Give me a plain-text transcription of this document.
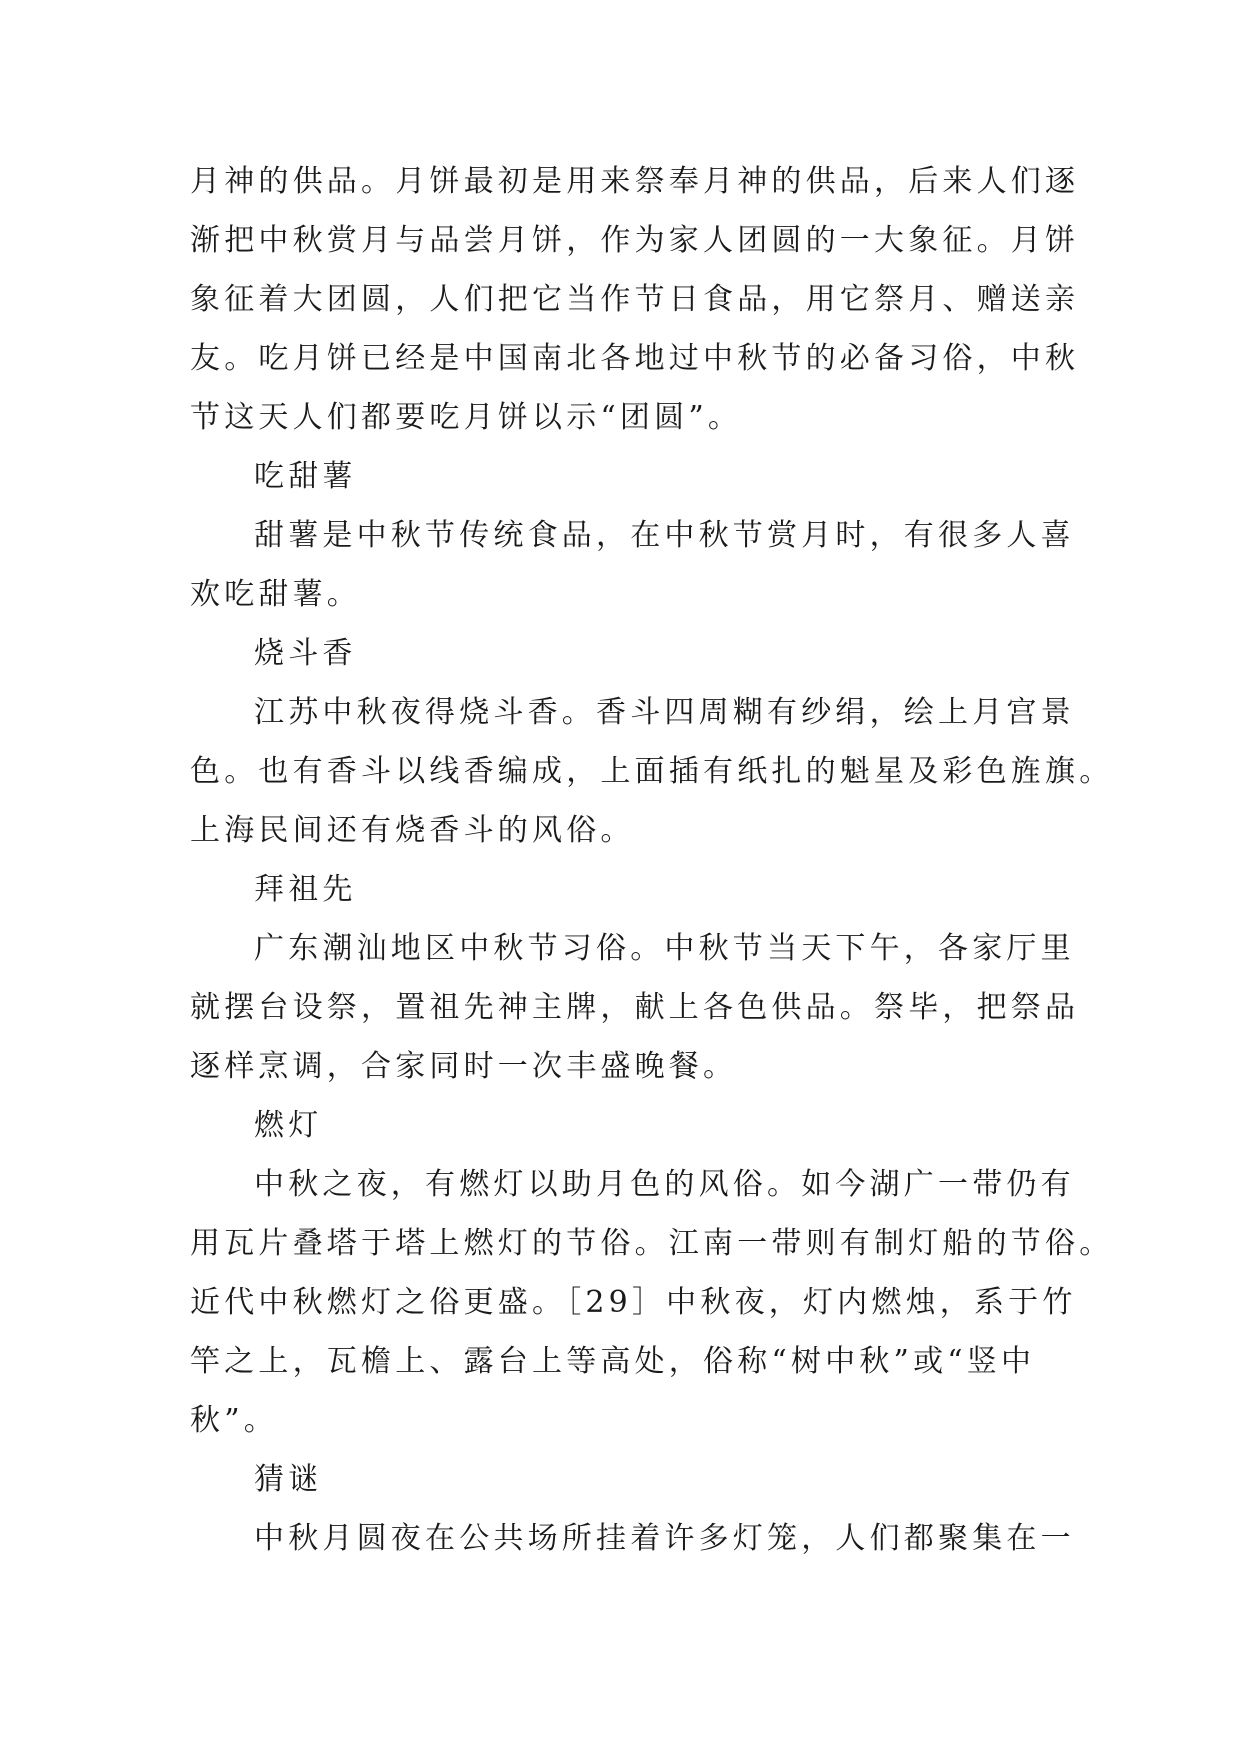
月神的供品。月饼最初是用来祭奉月神的供品，后来人们逐
渐把中秋赏月与品尝月饼，作为家人团圆的一大象征。月饼
象征着大团圆，人们把它当作节日食品，用它祭月、赠送亲
友。吃月饼已经是中国南北各地过中秋节的必备习俗，中秋
节这天人们都要吃月饼以示“团圆”。
吃甜薯
甜薯是中秋节传统食品，在中秋节赏月时，有很多人喜
欢吃甜薯。
烧斗香
江苏中秋夜得烧斗香。香斗四周糊有纱绢，绘上月宫景
色。也有香斗以线香编成，上面插有纸扎的魁星及彩色旌旗。
上海民间还有烧香斗的风俗。
拜祖先
广东潮汕地区中秋节习俗。中秋节当天下午，各家厅里
就摆台设祭，置祖先神主牌，献上各色供品。祭毕，把祭品
逐样烹调，合家同时一次丰盛晚餐。
燃灯
中秋之夜，有燃灯以助月色的风俗。如今湖广一带仍有
用瓦片叠塔于塔上燃灯的节俗。江南一带则有制灯船的节俗。
近代中秋燃灯之俗更盛。［29］中秋夜，灯内燃烛，系于竹
竿之上，瓦檐上、露台上等高处，俗称“树中秋”或“竖中
秋”。
猜谜
中秋月圆夜在公共场所挂着许多灯笼，人们都聚集在一
